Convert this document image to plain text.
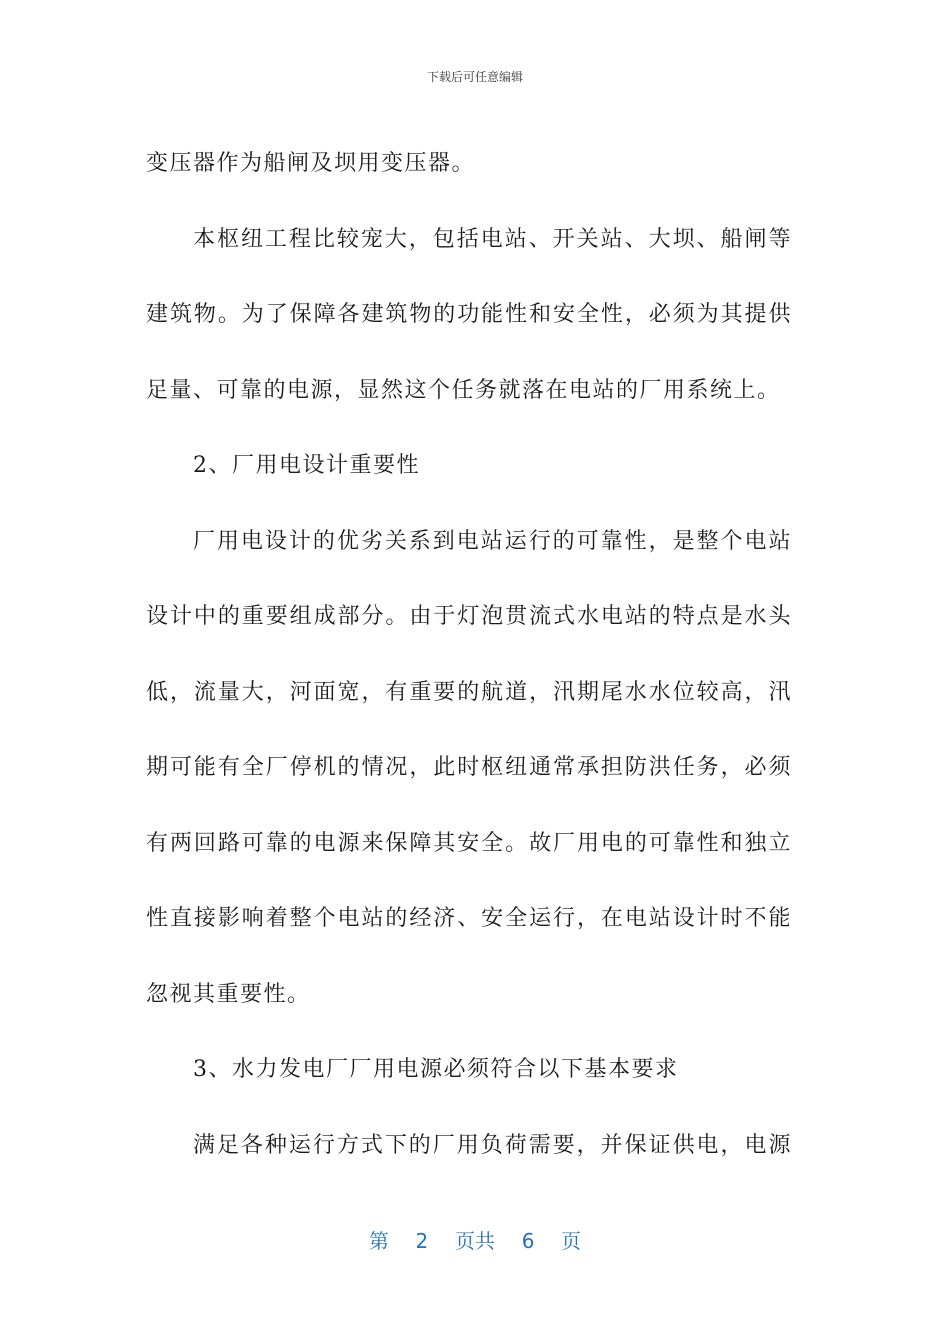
下载后可任意编辑

变压器作为船闸及坝用变压器。

本枢纽工程比较宠大，包括电站、开关站、大坝、船闸等建筑物。为了保障各建筑物的功能性和安全性，必须为其提供足量、可靠的电源，显然这个任务就落在电站的厂用系统上。

2、厂用电设计重要性

厂用电设计的优劣关系到电站运行的可靠性，是整个电站设计中的重要组成部分。由于灯泡贯流式水电站的特点是水头低，流量大，河面宽，有重要的航道，汛期尾水水位较高，汛期可能有全厂停机的情况，此时枢纽通常承担防洪任务，必须有两回路可靠的电源来保障其安全。故厂用电的可靠性和独立性直接影响着整个电站的经济、安全运行，在电站设计时不能忽视其重要性。

3、水力发电厂厂用电源必须符合以下基本要求

满足各种运行方式下的厂用负荷需要，并保证供电，电源

第 2 页共 6 页
